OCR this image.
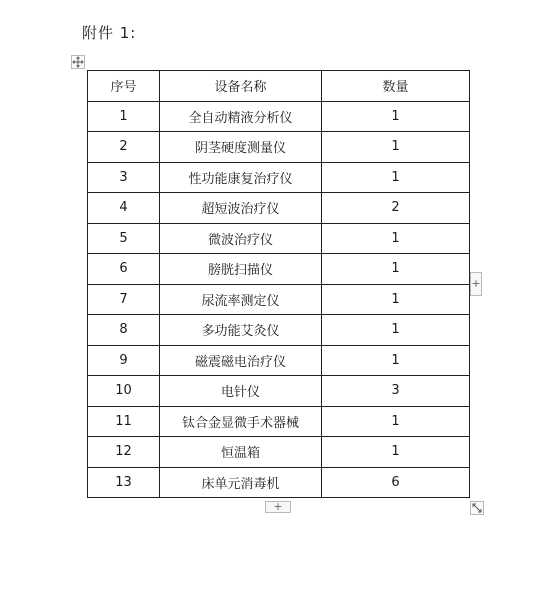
附件 1:
序号	设备名称	数量
1	全自动精液分析仪	1
2	阴茎硬度测量仪	1
3	性功能康复治疗仪	1
4	超短波治疗仪	2
5	微波治疗仪	1
6	膀胱扫描仪	1
7	尿流率测定仪	1
8	多功能艾灸仪	1
9	磁震磁电治疗仪	1
10	电针仪	3
11	钛合金显微手术器械	1
12	恒温箱	1
13	床单元消毒机	6
+
+
